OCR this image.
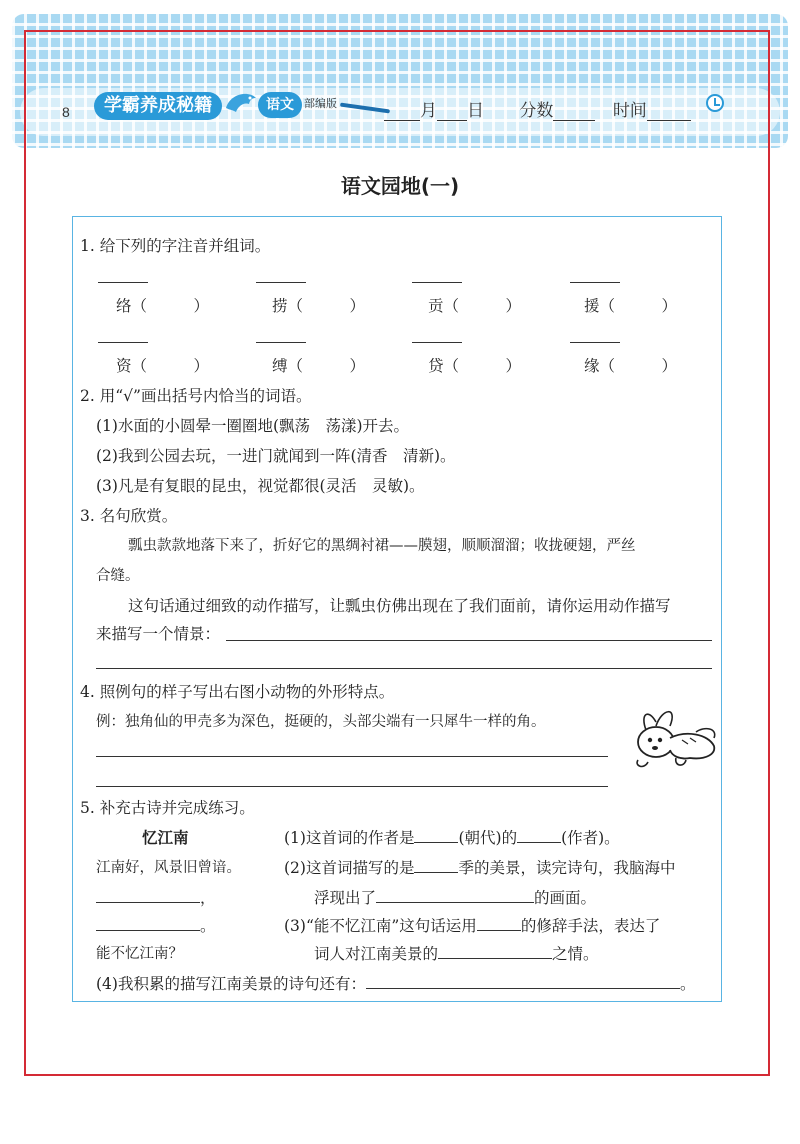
8	学霸养成秘籍	语文 部编版	月 日 分数	时间
语文园地(一)
1. 给下列的字注音并组词。
络（　　　）	捞（　　　）	贡（　　　）	援（　　　）
资（　　　）	缚（　　　）	贷（　　　）	缘（　　　）
2. 用“√”画出括号内恰当的词语。
(1)水面的小圆晕一圈圈地(飘荡　荡漾)开去。
(2)我到公园去玩，一进门就闻到一阵(清香　清新)。
(3)凡是有复眼的昆虫，视觉都很(灵活　灵敏)。
3. 名句欣赏。
瓢虫款款地落下来了，折好它的黑绸衬裙——膜翅，顺顺溜溜；收拢硬翅，严丝
合缝。
这句话通过细致的动作描写，让瓢虫仿佛出现在了我们面前，请你运用动作描写
来描写一个情景：
4. 照例句的样子写出右图小动物的外形特点。
例：独角仙的甲壳多为深色，挺硬的，头部尖端有一只犀牛一样的角。
5. 补充古诗并完成练习。
忆江南
江南好，风景旧曾谙。
，
。
能不忆江南？
(1)这首词的作者是	(朝代)的	(作者)。
(2)这首词描写的是	季的美景，读完诗句，我脑海中
浮现出了	的画面。
(3)“能不忆江南”这句话运用	的修辞手法，表达了
词人对江南美景的	之情。
(4)我积累的描写江南美景的诗句还有：	。
